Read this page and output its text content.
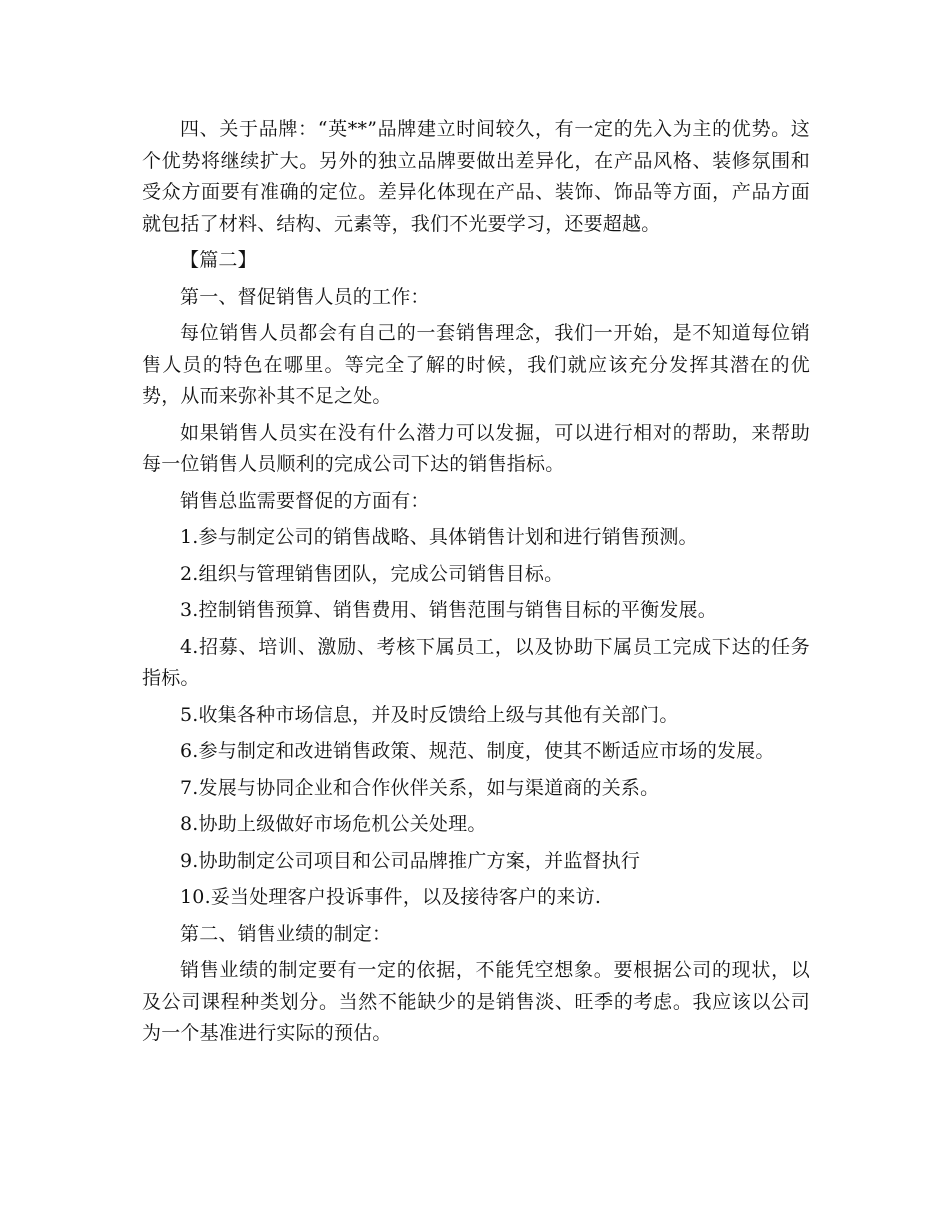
四、关于品牌：“英**”品牌建立时间较久，有一定的先入为主的优势。这个优势将继续扩大。另外的独立品牌要做出差异化，在产品风格、装修氛围和受众方面要有准确的定位。差异化体现在产品、装饰、饰品等方面，产品方面就包括了材料、结构、元素等，我们不光要学习，还要超越。

【篇二】

第一、督促销售人员的工作：

每位销售人员都会有自己的一套销售理念，我们一开始，是不知道每位销售人员的特色在哪里。等完全了解的时候，我们就应该充分发挥其潜在的优势，从而来弥补其不足之处。

如果销售人员实在没有什么潜力可以发掘，可以进行相对的帮助，来帮助每一位销售人员顺利的完成公司下达的销售指标。

销售总监需要督促的方面有：

1.参与制定公司的销售战略、具体销售计划和进行销售预测。

2.组织与管理销售团队，完成公司销售目标。

3.控制销售预算、销售费用、销售范围与销售目标的平衡发展。

4.招募、培训、激励、考核下属员工，以及协助下属员工完成下达的任务指标。

5.收集各种市场信息，并及时反馈给上级与其他有关部门。

6.参与制定和改进销售政策、规范、制度，使其不断适应市场的发展。

7.发展与协同企业和合作伙伴关系，如与渠道商的关系。

8.协助上级做好市场危机公关处理。

9.协助制定公司项目和公司品牌推广方案，并监督执行

10.妥当处理客户投诉事件，以及接待客户的来访.

第二、销售业绩的制定：

销售业绩的制定要有一定的依据，不能凭空想象。要根据公司的现状，以及公司课程种类划分。当然不能缺少的是销售淡、旺季的考虑。我应该以公司为一个基准进行实际的预估。
